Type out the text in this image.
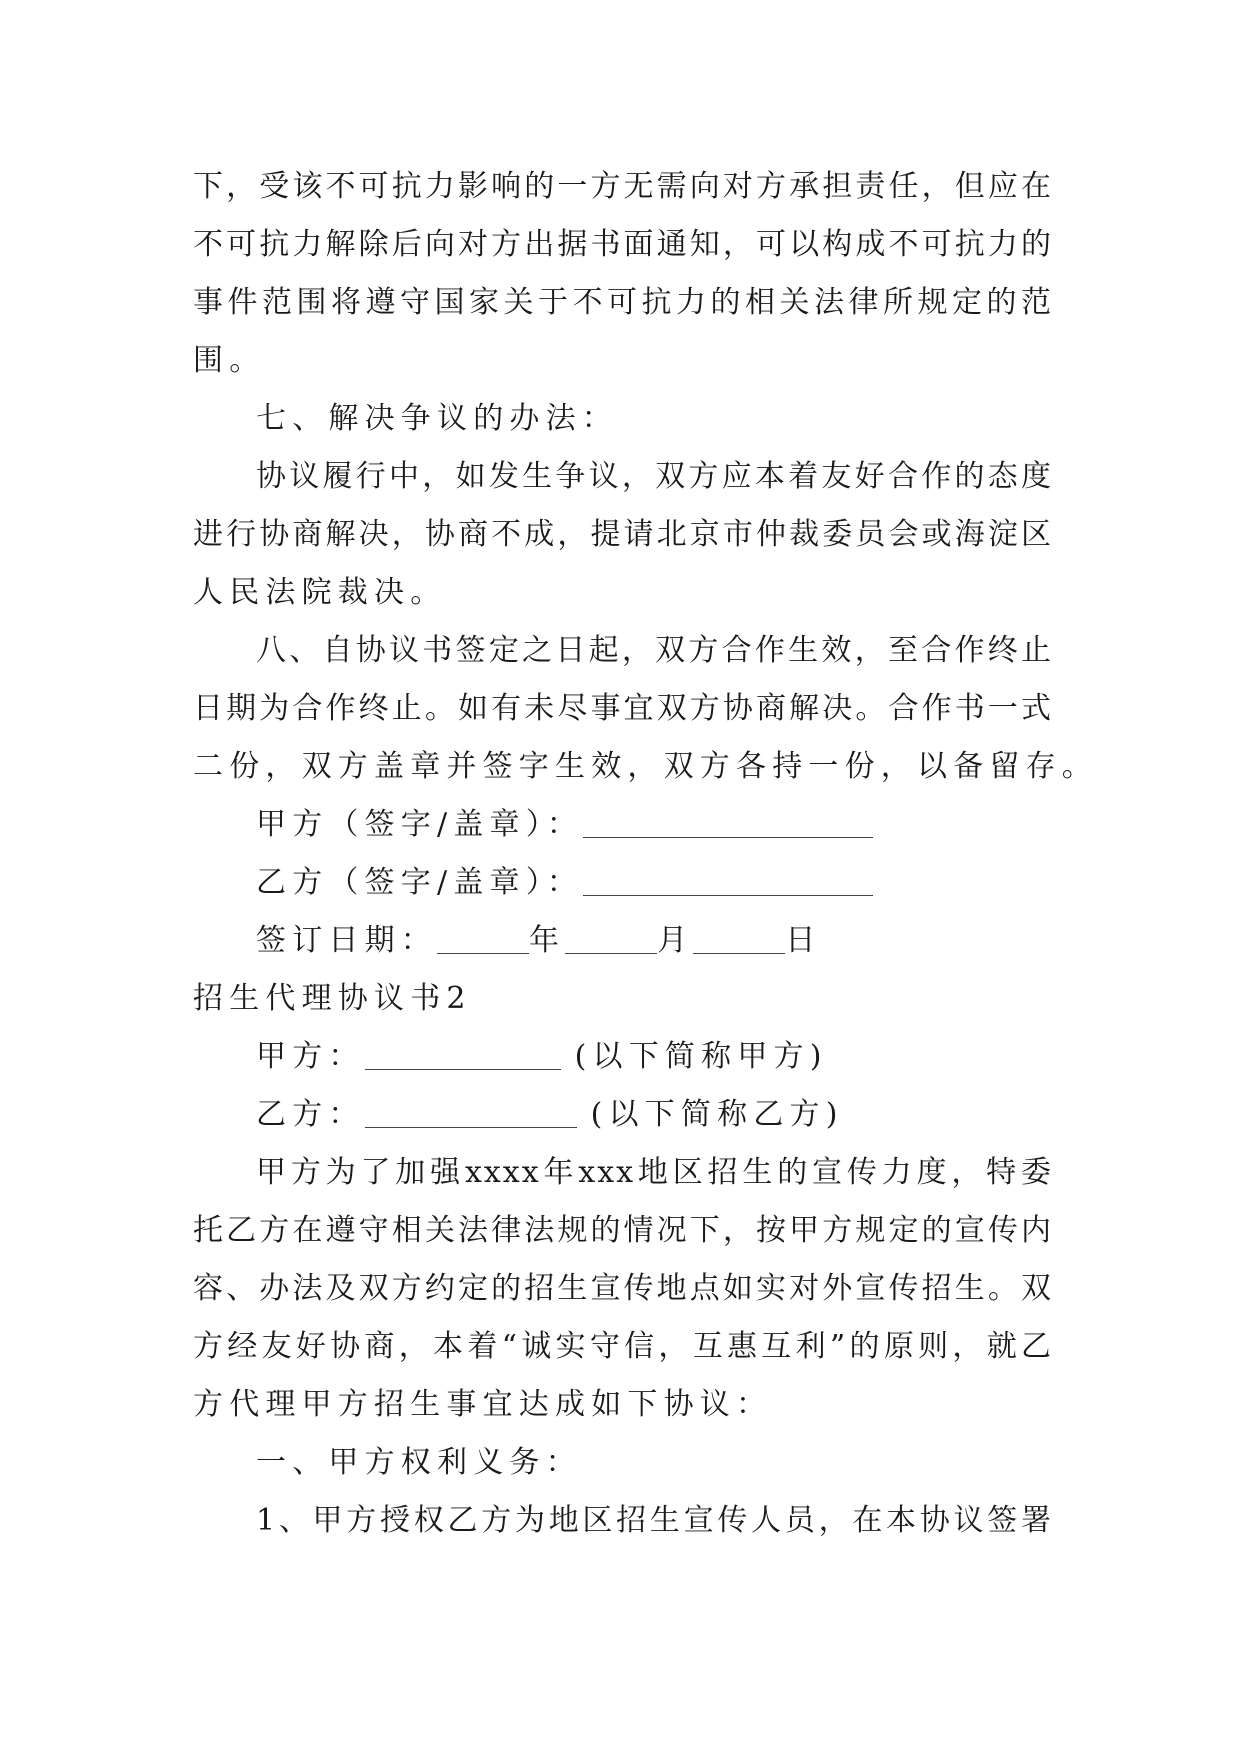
下，受该不可抗力影响的一方无需向对方承担责任，但应在
不可抗力解除后向对方出据书面通知，可以构成不可抗力的
事件范围将遵守国家关于不可抗力的相关法律所规定的范
围。
七、解决争议的办法：
协议履行中，如发生争议，双方应本着友好合作的态度
进行协商解决，协商不成，提请北京市仲裁委员会或海淀区
人民法院裁决。
八、自协议书签定之日起，双方合作生效，至合作终止
日期为合作终止。如有未尽事宜双方协商解决。合作书一式
二份，双方盖章并签字生效，双方各持一份，以备留存。
甲方（签字/盖章）：
乙方（签字/盖章）：
签订日期：	年	月	日
招生代理协议书2
甲方：	(以下简称甲方)
乙方：	(以下简称乙方)
甲方为了加强xxxx年xxx地区招生的宣传力度，特委
托乙方在遵守相关法律法规的情况下，按甲方规定的宣传内
容、办法及双方约定的招生宣传地点如实对外宣传招生。双
方经友好协商，本着“诚实守信，互惠互利”的原则，就乙
方代理甲方招生事宜达成如下协议：
一、甲方权利义务：
1、甲方授权乙方为地区招生宣传人员，在本协议签署
